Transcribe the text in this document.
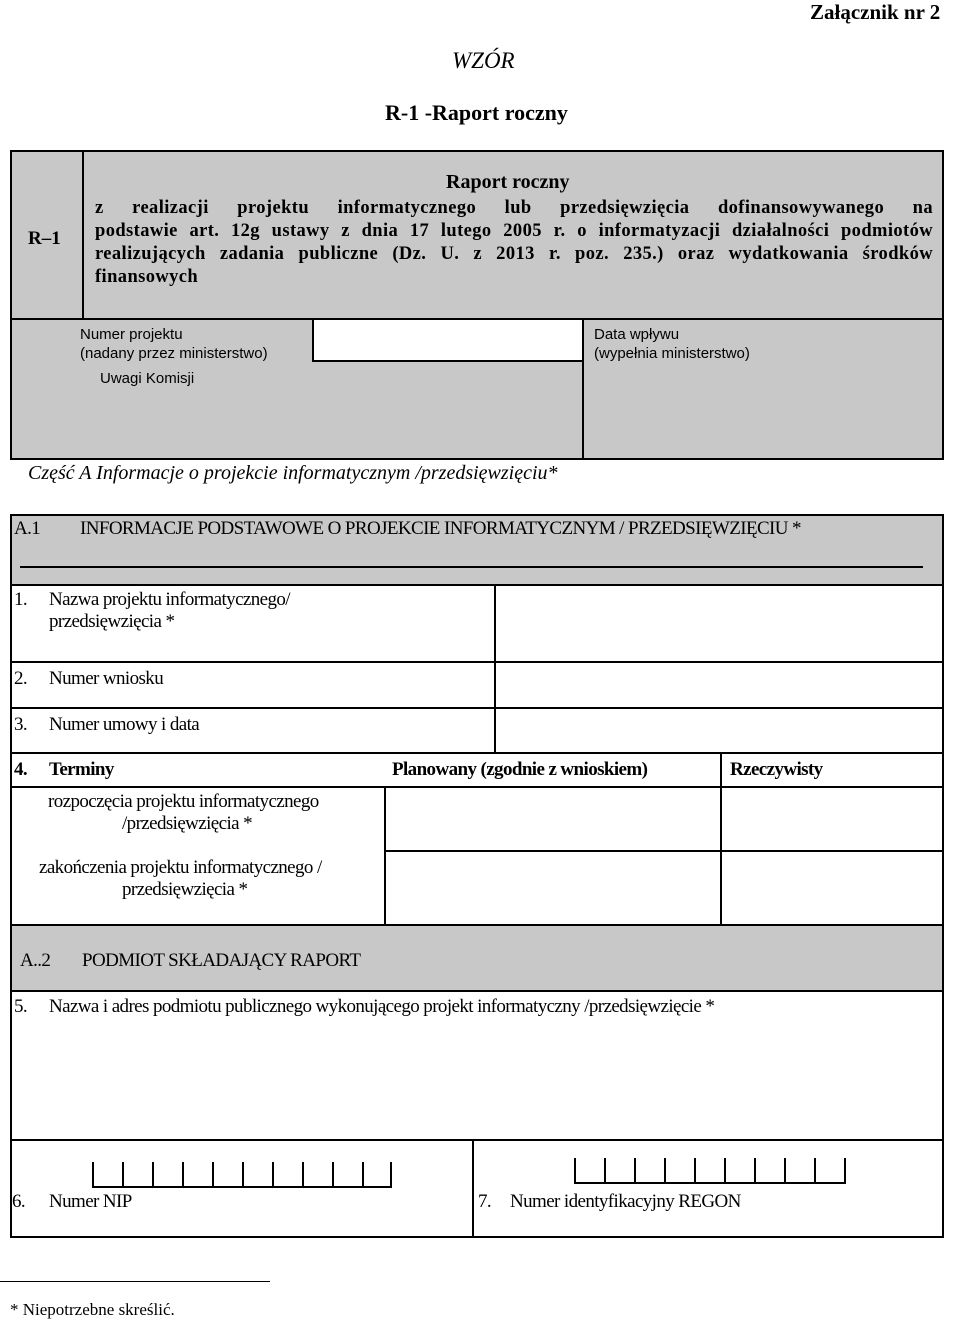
Załącznik nr 2
WZÓR
R-1 -Raport roczny
R–1
Raport roczny
z realizacji projektu informatycznego lub przedsięwzięcia dofinansowywanego na
podstawie art. 12g ustawy z dnia 17 lutego 2005 r. o informatyzacji działalności podmiotów
realizujących zadania publiczne (Dz. U. z 2013 r. poz. 235.) oraz wydatkowania środków
finansowych
Numer projektu
(nadany przez ministerstwo)
Uwagi Komisji
Data wpływu
(wypełnia ministerstwo)
Część A Informacje o projekcie informatycznym /przedsięwzięciu*
A.1 INFORMACJE PODSTAWOWE O PROJEKCIE INFORMATYCZNYM / PRZEDSIĘWZIĘCIU *
1. Nazwa projektu informatycznego/
przedsięwzięcia *
2. Numer wniosku
3. Numer umowy i data
4. Terminy	Planowany (zgodnie z wnioskiem)	Rzeczywisty
rozpoczęcia projektu informatycznego
/przedsięwzięcia *
zakończenia projektu informatycznego /
przedsięwzięcia *
A..2 PODMIOT SKŁADAJĄCY RAPORT
5. Nazwa i adres podmiotu publicznego wykonującego projekt informatyczny /przedsięwzięcie *
6. Numer NIP	7. Numer identyfikacyjny REGON
* Niepotrzebne skreślić.
